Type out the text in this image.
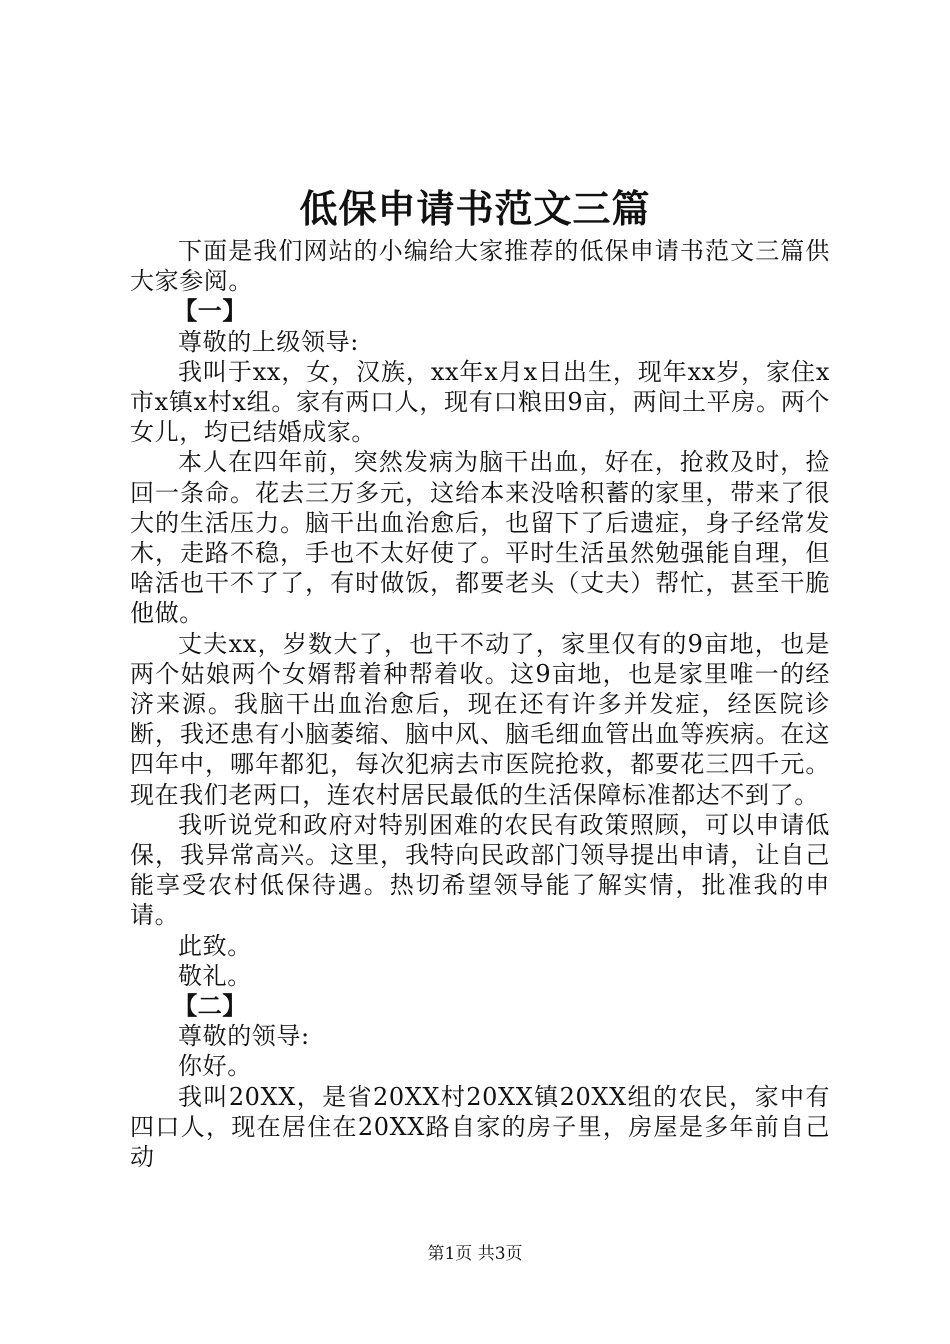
低保申请书范文三篇

下面是我们网站的小编给大家推荐的低保申请书范文三篇供大家参阅。

【一】

尊敬的上级领导:

我叫于xx，女，汉族，xx年x月x日出生，现年xx岁，家住x市x镇x村x组。家有两口人，现有口粮田9亩，两间土平房。两个女儿，均已结婚成家。

本人在四年前，突然发病为脑干出血，好在，抢救及时，捡回一条命。花去三万多元，这给本来没啥积蓄的家里，带来了很大的生活压力。脑干出血治愈后，也留下了后遗症，身子经常发木，走路不稳，手也不太好使了。平时生活虽然勉强能自理，但啥活也干不了了，有时做饭，都要老头（丈夫）帮忙，甚至干脆他做。

丈夫xx，岁数大了，也干不动了，家里仅有的9亩地，也是两个姑娘两个女婿帮着种帮着收。这9亩地，也是家里唯一的经济来源。我脑干出血治愈后，现在还有许多并发症，经医院诊断，我还患有小脑萎缩、脑中风、脑毛细血管出血等疾病。在这四年中，哪年都犯，每次犯病去市医院抢救，都要花三四千元。现在我们老两口，连农村居民最低的生活保障标准都达不到了。

我听说党和政府对特别困难的农民有政策照顾，可以申请低保，我异常高兴。这里，我特向民政部门领导提出申请，让自己能享受农村低保待遇。热切希望领导能了解实情，批准我的申请。

此致。

敬礼。

【二】

尊敬的领导:

你好。

我叫20XX，是省20XX村20XX镇20XX组的农民，家中有四口人，现在居住在20XX路自家的房子里，房屋是多年前自己动

第1页 共3页
